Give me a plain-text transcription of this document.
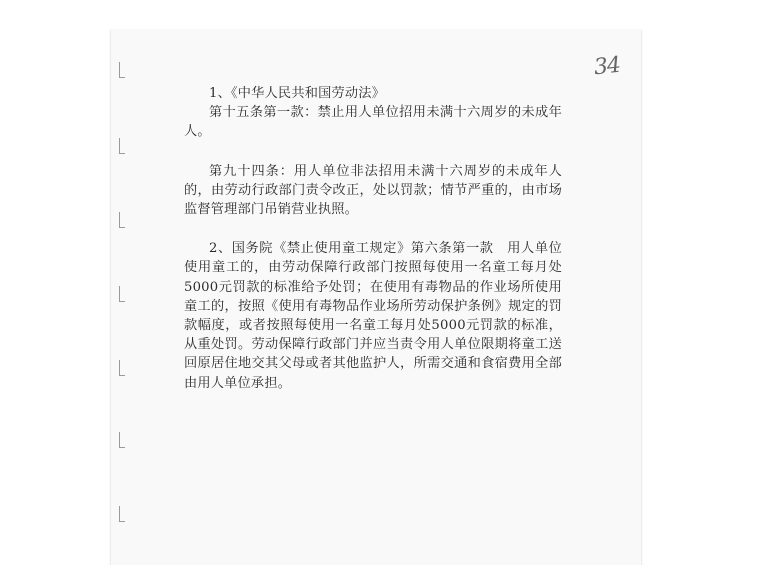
34

1、《中华人民共和国劳动法》

第十五条第一款：禁止用人单位招用未满十六周岁的未成年人。

第九十四条：用人单位非法招用未满十六周岁的未成年人的，由劳动行政部门责令改正，处以罚款；情节严重的，由市场监督管理部门吊销营业执照。

2、国务院《禁止使用童工规定》第六条第一款　用人单位使用童工的，由劳动保障行政部门按照每使用一名童工每月处5000元罚款的标准给予处罚；在使用有毒物品的作业场所使用童工的，按照《使用有毒物品作业场所劳动保护条例》规定的罚款幅度，或者按照每使用一名童工每月处5000元罚款的标准，从重处罚。劳动保障行政部门并应当责令用人单位限期将童工送回原居住地交其父母或者其他监护人，所需交通和食宿费用全部由用人单位承担。
